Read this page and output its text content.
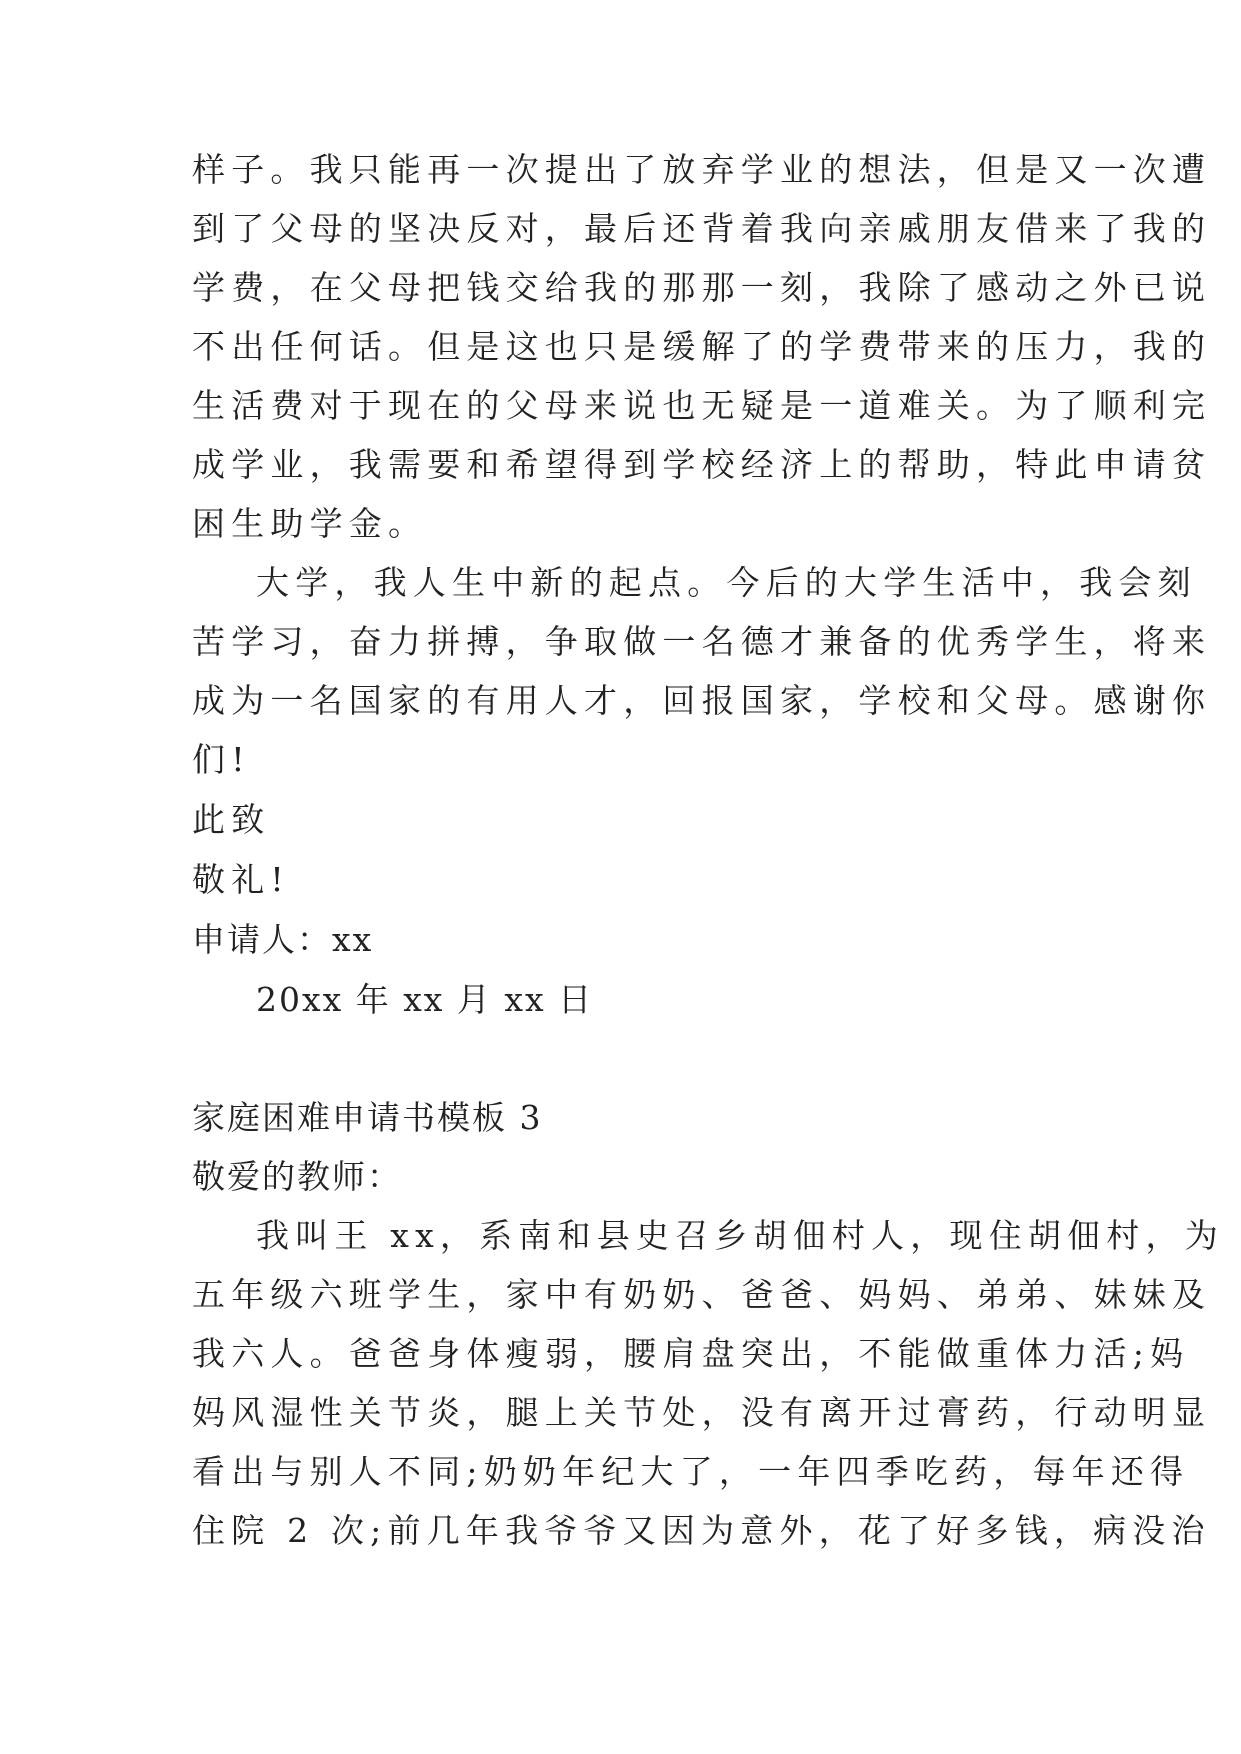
样子。我只能再一次提出了放弃学业的想法，但是又一次遭
到了父母的坚决反对，最后还背着我向亲戚朋友借来了我的
学费，在父母把钱交给我的那那一刻，我除了感动之外已说
不出任何话。但是这也只是缓解了的学费带来的压力，我的
生活费对于现在的父母来说也无疑是一道难关。为了顺利完
成学业，我需要和希望得到学校经济上的帮助，特此申请贫
困生助学金。
大学，我人生中新的起点。今后的大学生活中，我会刻
苦学习，奋力拼搏，争取做一名德才兼备的优秀学生，将来
成为一名国家的有用人才，回报国家，学校和父母。感谢你
们!
此致
敬礼!
申请人：xx
20xx 年 xx 月 xx 日
家庭困难申请书模板 3
敬爱的教师：
我叫王 xx，系南和县史召乡胡佃村人，现住胡佃村，为
五年级六班学生，家中有奶奶、爸爸、妈妈、弟弟、妹妹及
我六人。爸爸身体瘦弱，腰肩盘突出，不能做重体力活;妈
妈风湿性关节炎，腿上关节处，没有离开过膏药，行动明显
看出与别人不同;奶奶年纪大了，一年四季吃药，每年还得
住院 2 次;前几年我爷爷又因为意外，花了好多钱，病没治
